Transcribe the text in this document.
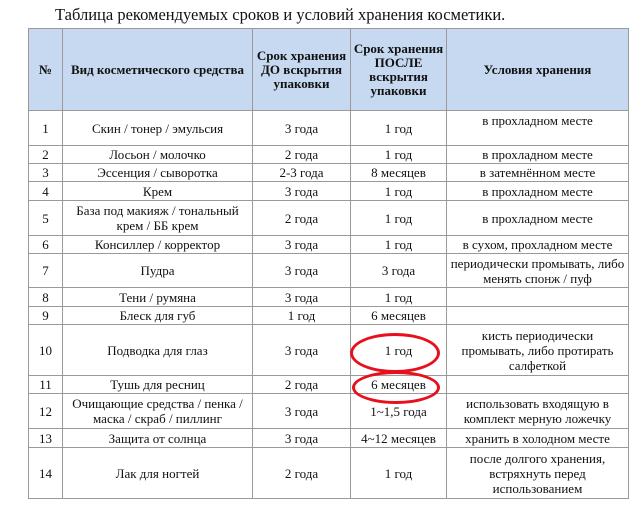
Таблица рекомендуемых сроков и условий хранения косметики.
№	Вид косметического средства	Срок хранения ДО вскрытия упаковки	Срок хранения ПОСЛЕ вскрытия упаковки	Условия хранения
1	Скин / тонер / эмульсия	3 года	1 год	в прохладном месте
2	Лосьон / молочко	2 года	1 год	в прохладном месте
3	Эссенция / сыворотка	2-3 года	8 месяцев	в затемнённом месте
4	Крем	3 года	1 год	в прохладном месте
5	База под макияж / тональный крем / ББ крем	2 года	1 год	в прохладном месте
6	Консиллер / корректор	3 года	1 год	в сухом, прохладном месте
7	Пудра	3 года	3 года	периодически промывать, либо менять спонж / пуф
8	Тени / румяна	3 года	1 год	
9	Блеск для губ	1 год	6 месяцев	
10	Подводка для глаз	3 года	1 год	кисть периодически промывать, либо протирать салфеткой
11	Тушь для ресниц	2 года	6 месяцев	
12	Очищающие средства / пенка / маска / скраб / пиллинг	3 года	1~1,5 года	использовать входящую в комплект мерную ложечку
13	Защита от солнца	3 года	4~12 месяцев	хранить в холодном месте
14	Лак для ногтей	2 года	1 год	после долгого хранения, встряхнуть перед использованием
